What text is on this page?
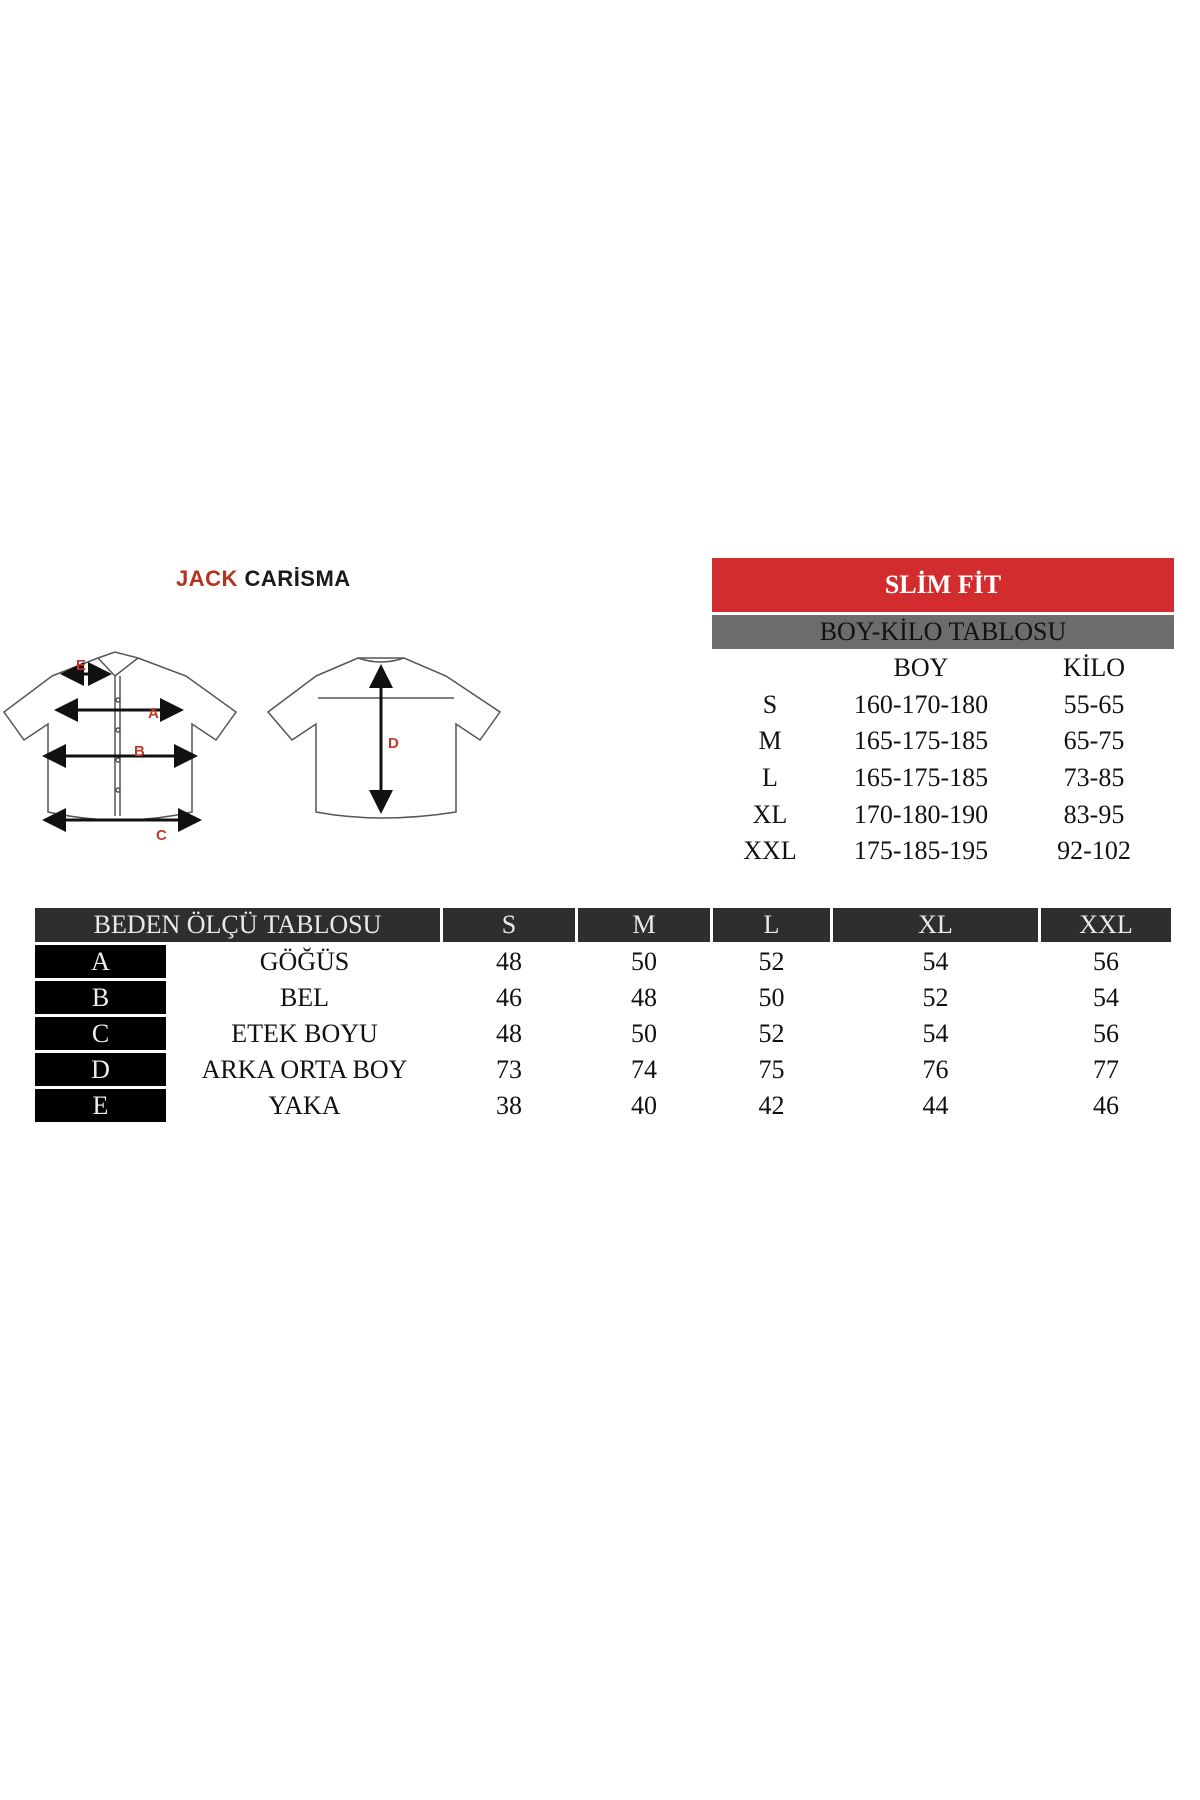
JACK CARİSMA
E
A
B
C
D
SLİM FİT
BOY-KİLO TABLOSU
	BOY	KİLO
S	160-170-180	55-65
M	165-175-185	65-75
L	165-175-185	73-85
XL	170-180-190	83-95
XXL	175-185-195	92-102
BEDEN ÖLÇÜ TABLOSU		S	M	L	XL	XXL
A	GÖĞÜS	48	50	52	54	56
B	BEL	46	48	50	52	54
C	ETEK BOYU	48	50	52	54	56
D	ARKA ORTA BOY	73	74	75	76	77
E	YAKA	38	40	42	44	46
